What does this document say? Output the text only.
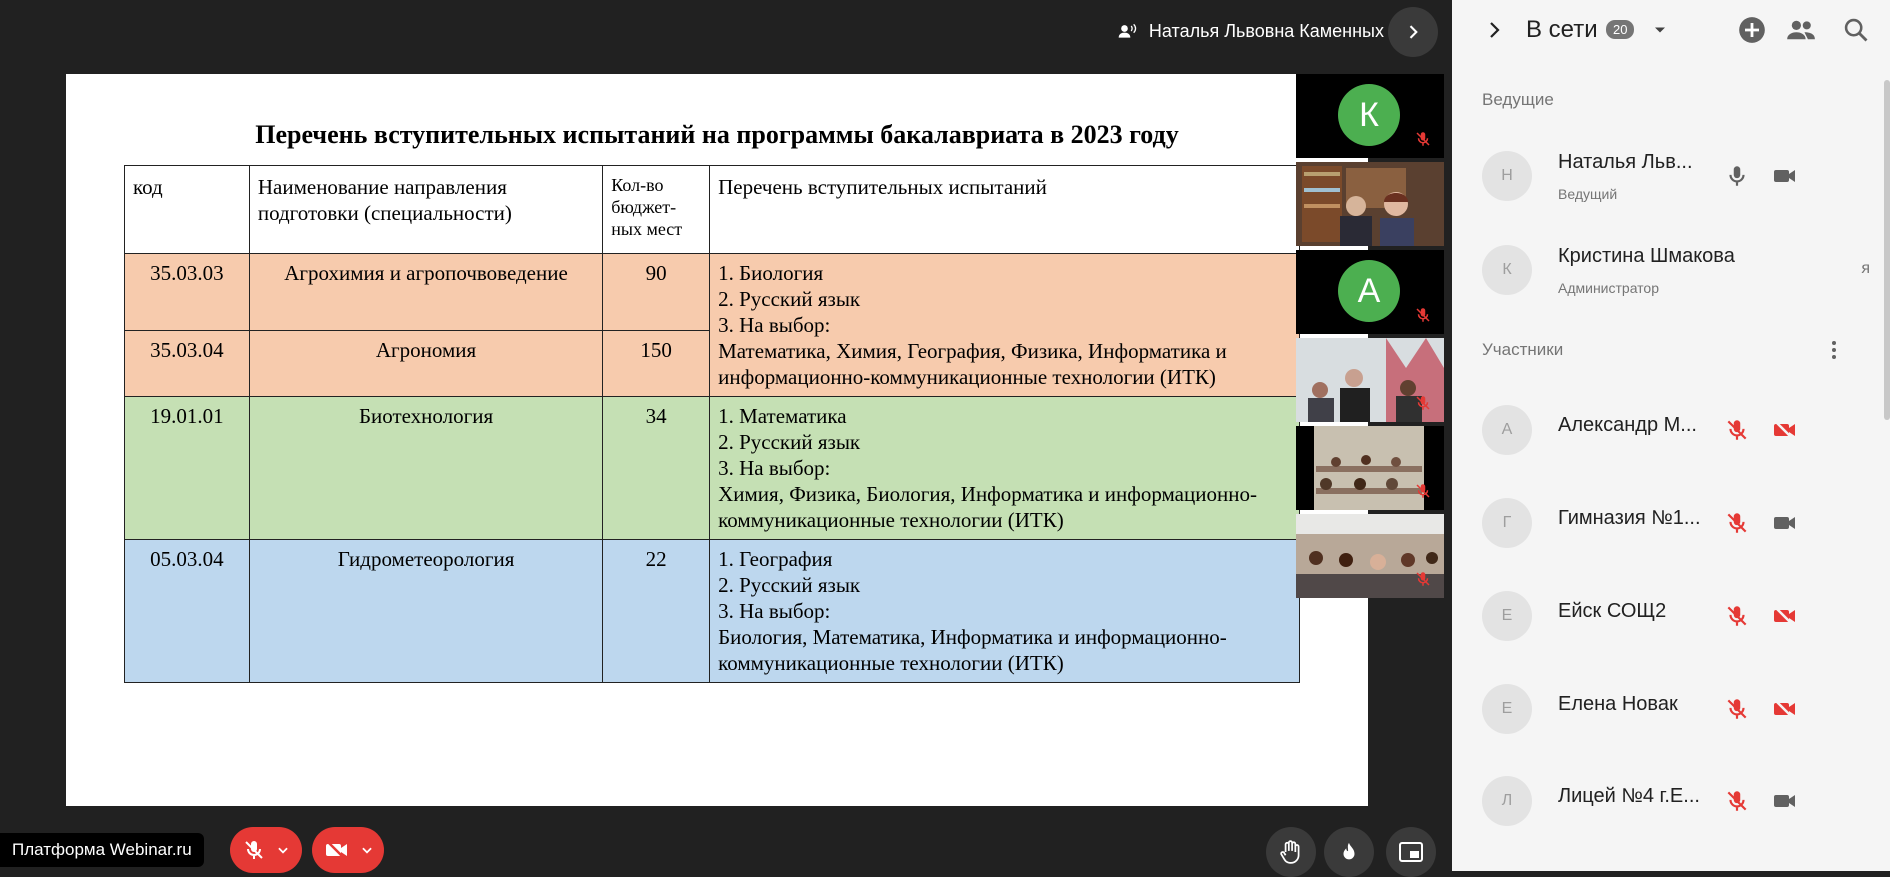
Наталья Львовна Каменных
Перечень вступительных испытаний на программы бакалавриата в 2023 году
код	Наименование направления подготовки (специальности)	Кол-во
бюджет-
ных мест	Перечень вступительных испытаний
35.03.03	Агрохимия и агропочвоведение	90	1. Биология
2. Русский язык
3. На выбор:
Математика, Химия, География, Физика, Информатика и
информационно-коммуникационные технологии (ИТК)

35.03.04	Агрономия	150	
19.01.01	Биотехнология	34	1. Математика
2. Русский язык
3. На выбор:
Химия, Физика, Биология, Информатика и информационно-
коммуникационные технологии (ИТК)

05.03.04	Гидрометеорология	22	1. География
2. Русский язык
3. На выбор:
Биология, Математика, Информатика и информационно-
коммуникационные технологии (ИТК)
К
А
Платформа Webinar.ru
В сети	20
Ведущие
Н
Наталья Льв...
Ведущий
К
Кристина Шмакова
Администратор
я
Участники
А	Александр М...
Г	Гимназия №1...
Е	Ейск СОЩ2
Е	Елена Новак
Л	Лицей №4 г.Е...
